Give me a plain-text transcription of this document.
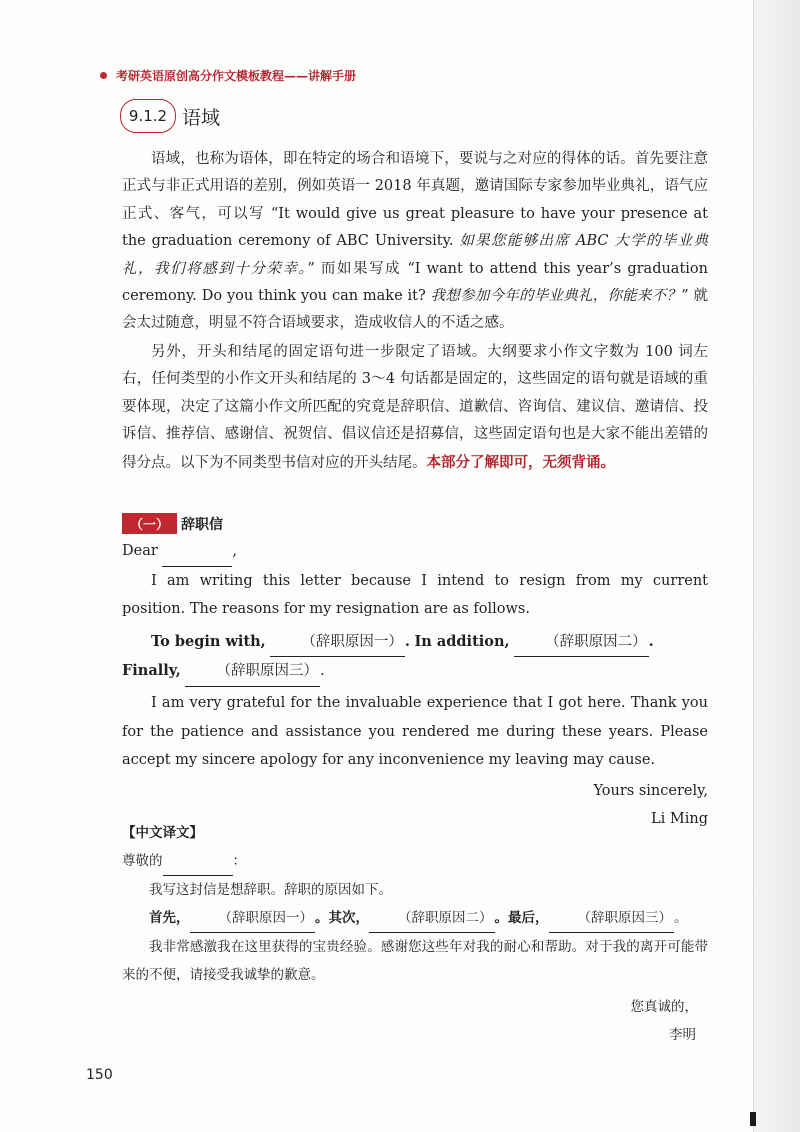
考研英语原创高分作文模板教程——讲解手册
9.1.2 语域
语域，也称为语体，即在特定的场合和语境下，要说与之对应的得体的话。首先要注意正式与非正式用语的差别，例如英语一 2018 年真题，邀请国际专家参加毕业典礼，语气应正式、客气，可以写 “It would give us great pleasure to have your presence at the graduation ceremony of ABC University. 如果您能够出席 ABC 大学的毕业典礼，我们将感到十分荣幸。” 而如果写成 “I want to attend this year’s graduation ceremony. Do you think you can make it? 我想参加今年的毕业典礼，你能来不？” 就会太过随意，明显不符合语域要求，造成收信人的不适之感。
另外，开头和结尾的固定语句进一步限定了语域。大纲要求小作文字数为 100 词左右，任何类型的小作文开头和结尾的 3～4 句话都是固定的，这些固定的语句就是语域的重要体现，决定了这篇小作文所匹配的究竟是辞职信、道歉信、咨询信、建议信、邀请信、投诉信、推荐信、感谢信、祝贺信、倡议信还是招募信，这些固定语句也是大家不能出差错的得分点。以下为不同类型书信对应的开头结尾。本部分了解即可，无须背诵。
（一） 辞职信
Dear	,
I am writing this letter because I intend to resign from my current position. The reasons for my resignation are as follows.
To begin with, （辞职原因一） . In addition, （辞职原因二） . Finally, （辞职原因三） .
I am very grateful for the invaluable experience that I got here. Thank you for the patience and assistance you rendered me during these years. Please accept my sincere apology for any inconvenience my leaving may cause.
Yours sincerely,
Li Ming
【中文译文】
尊敬的	：
我写这封信是想辞职。辞职的原因如下。
首先， （辞职原因一） 。其次， （辞职原因二） 。最后， （辞职原因三） 。
我非常感激我在这里获得的宝贵经验。感谢您这些年对我的耐心和帮助。对于我的离开可能带来的不便，请接受我诚挚的歉意。
您真诚的，
李明
150
